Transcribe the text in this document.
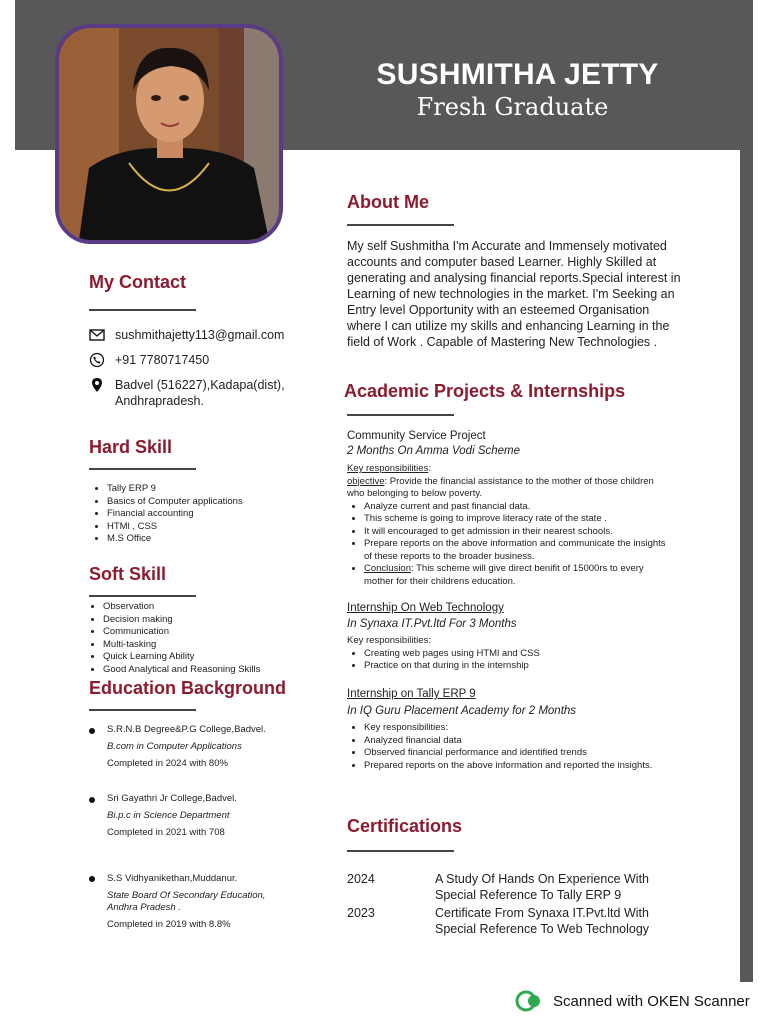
SUSHMITHA JETTY
Fresh Graduate
My Contact
sushmithajetty113@gmail.com
+91 7780717450
Badvel (516227),Kadapa(dist),
Andhrapradesh.
Hard Skill
• Tally ERP 9
• Basics of Computer applications
• Financial accounting
• HTMl , CSS
• M.S Office
Soft Skill
• Observation
• Decision making
• Communication
• Multi-tasking
• Quick Learning Ability
• Good Analytical and Reasoning Skills
Education Background
S.R.N.B Degree&P.G College,Badvel.
B.com in Computer Applications
Completed in 2024 with 80%
Sri Gayathri Jr College,Badvel.
Bi.p.c in Science Department
Completed in 2021 with 708
S.S Vidhyanikethan,Muddanur.
State Board Of Secondary Education,
Andhra Pradesh .
Completed in 2019 with 8.8%
About Me
My self Sushmitha I'm Accurate and Immensely motivated
accounts and computer based Learner. Highly Skilled at
generating and analysing financial reports.Special interest in
Learning of new technologies in the market. I'm Seeking an
Entry level Opportunity with an esteemed Organisation
where I can utilize my skills and enhancing Learning in the
field of Work . Capable of Mastering New Technologies .
Academic Projects & Internships
Community Service Project
2 Months On Amma Vodi Scheme
Key responsibilities:
objective: Provide the financial assistance to the mother of those children
who belonging to below poverty.
• Analyze current and past financial data.
• This scheme is going to improve literacy rate of the state .
• It will encouraged to get admission in their nearest schools.
• Prepare reports on the above information and communicate the insights
of these reports to the broader business.
• Conclusion: This scheme will give direct benifit of 15000rs to every
mother for their childrens education.
Internship On Web Technology
In Synaxa IT.Pvt.ltd For 3 Months
Key responsibilities:
• Creating web pages using HTMl and CSS
• Practice on that during in the internship
Internship on Tally ERP 9
In IQ Guru Placement Academy for 2 Months
• Key responsibilities:
• Analyzed financial data
• Observed financial performance and identified trends
• Prepared reports on the above information and reported the insights.
Certifications
2024	A Study Of Hands On Experience With
Special Reference To Tally ERP 9
2023	Certificate From Synaxa IT.Pvt.ltd With
Special Reference To Web Technology
Scanned with OKEN Scanner
